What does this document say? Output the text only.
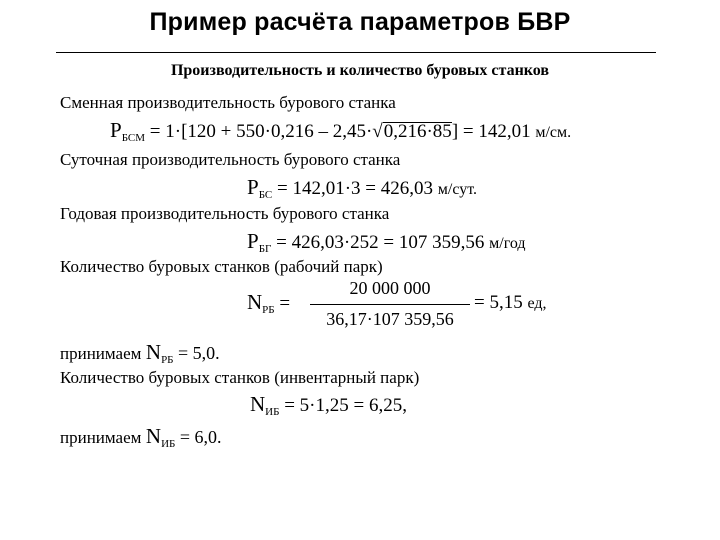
Пример расчёта параметров БВР
Производительность и количество буровых станков
Сменная производительность бурового станка
$Р_{БСМ} = 1\cdot[120 + 550\cdot 0,216 - 2,45\cdot√0,216\cdot 85] = 142,01$ м/см.
Суточная производительность бурового станка
$Р_{БС} = 142,01\cdot 3 = 426,03$ м/сут.
Годовая производительность бурового станка
$Р_{БГ} = 426,03\cdot 252 = 107$ 359,56 м/год
Количество буровых станков (рабочий парк)
$N_{РБ}$ =
20 000 000
36,17·107 359,56
= 5,15 ед,
принимаем $N_{РБ} = 5,0$.
Количество буровых станков (инвентарный парк)
$N_{ИБ} = 5\cdot 1,25 = 6,25$,
принимаем $N_{ИБ} = 6,0$.
